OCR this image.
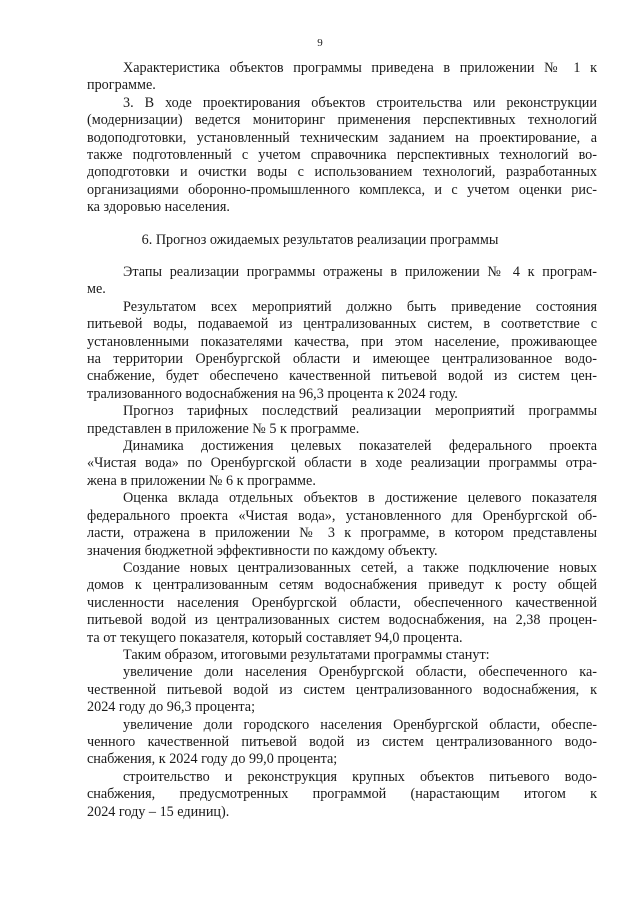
9
Характеристика объектов программы приведена в приложении № 1 к
программе.
3. В ходе проектирования объектов строительства или реконструкции
(модернизации) ведется мониторинг применения перспективных технологий
водоподготовки, установленный техническим заданием на проектирование, а
также подготовленный с учетом справочника перспективных технологий во-
доподготовки и очистки воды с использованием технологий, разработанных
организациями оборонно-промышленного комплекса, и с учетом оценки рис-
ка здоровью населения.
6. Прогноз ожидаемых результатов реализации программы
Этапы реализации программы отражены в приложении № 4 к програм-
ме.
Результатом всех мероприятий должно быть приведение состояния
питьевой воды, подаваемой из централизованных систем, в соответствие с
установленными показателями качества, при этом население, проживающее
на территории Оренбургской области и имеющее централизованное водо-
снабжение, будет обеспечено качественной питьевой водой из систем цен-
трализованного водоснабжения на 96,3 процента к 2024 году.
Прогноз тарифных последствий реализации мероприятий программы
представлен в приложение № 5 к программе.
Динамика достижения целевых показателей федерального проекта
«Чистая вода» по Оренбургской области в ходе реализации программы отра-
жена в приложении № 6 к программе.
Оценка вклада отдельных объектов в достижение целевого показателя
федерального проекта «Чистая вода», установленного для Оренбургской об-
ласти, отражена в приложении № 3 к программе, в котором представлены
значения бюджетной эффективности по каждому объекту.
Создание новых централизованных сетей, а также подключение новых
домов к централизованным сетям водоснабжения приведут к росту общей
численности населения Оренбургской области, обеспеченного качественной
питьевой водой из централизованных систем водоснабжения, на 2,38 процен-
та от текущего показателя, который составляет 94,0 процента.
Таким образом, итоговыми результатами программы станут:
увеличение доли населения Оренбургской области, обеспеченного ка-
чественной питьевой водой из систем централизованного водоснабжения, к
2024 году до 96,3 процента;
увеличение доли городского населения Оренбургской области, обеспе-
ченного качественной питьевой водой из систем централизованного водо-
снабжения, к 2024 году до 99,0 процента;
строительство и реконструкция крупных объектов питьевого водо-
снабжения, предусмотренных программой (нарастающим итогом к
2024 году – 15 единиц).
